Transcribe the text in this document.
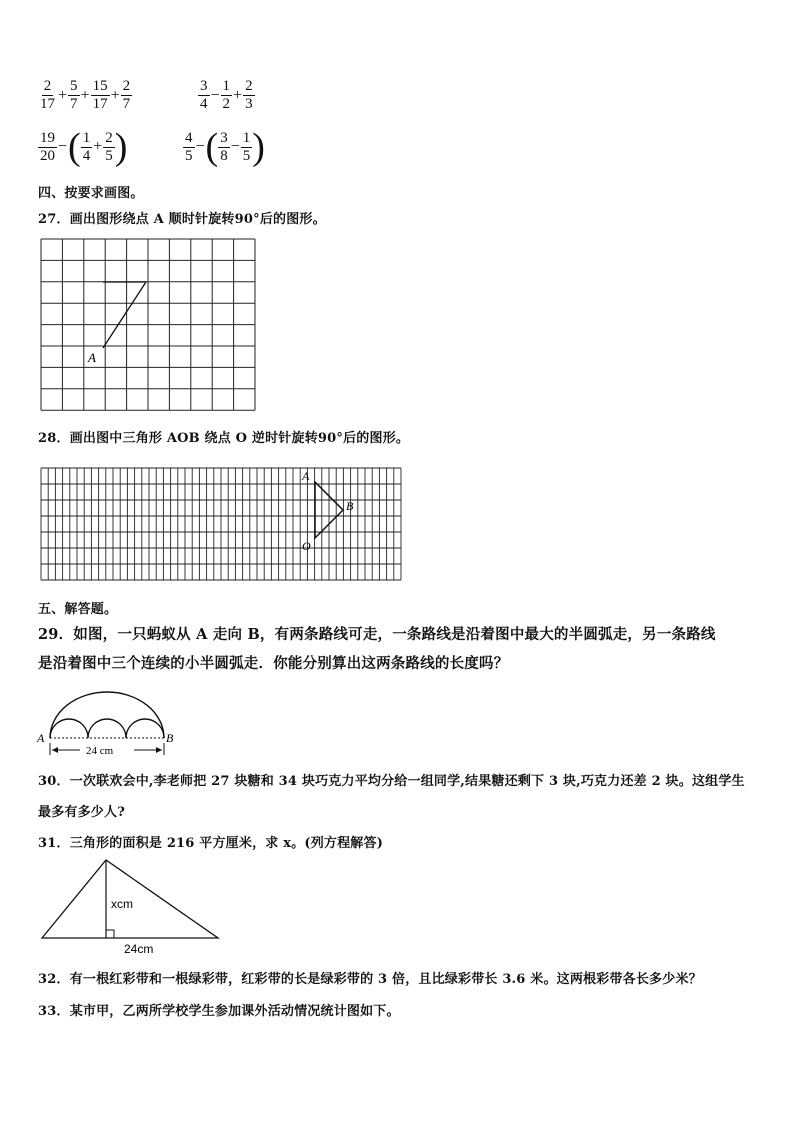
$\frac{2}{17} + \frac{5}{7} + \frac{15}{17} + \frac{2}{7}$	$\frac{3}{4} - \frac{1}{2} + \frac{2}{3}$
$\frac{19}{20}$ −( $\frac{1}{4} + \frac{2}{5}$ )	$\frac{4}{5}$ −( $\frac{3}{8} - \frac{1}{5}$ )
四、按要求画图。
27．画出图形绕点 A 顺时针旋转90°后的图形。
A
28．画出图中三角形 AOB 绕点 O 逆时针旋转90°后的图形。
A
B
O
五、解答题。
29．如图，一只蚂蚁从 A 走向 B，有两条路线可走，一条路线是沿着图中最大的半圆弧走，另一条路线
是沿着图中三个连续的小半圆弧走．你能分别算出这两条路线的长度吗？
24 cm
A	B
30．一次联欢会中,李老师把 27 块糖和 34 块巧克力平均分给一组同学,结果糖还剩下 3 块,巧克力还差 2 块。这组学生
最多有多少人?
31．三角形的面积是 216 平方厘米，求 x。(列方程解答)
xcm
24cm
32．有一根红彩带和一根绿彩带，红彩带的长是绿彩带的 3 倍，且比绿彩带长 3.6 米。这两根彩带各长多少米？
33．某市甲，乙两所学校学生参加课外活动情况统计图如下。
